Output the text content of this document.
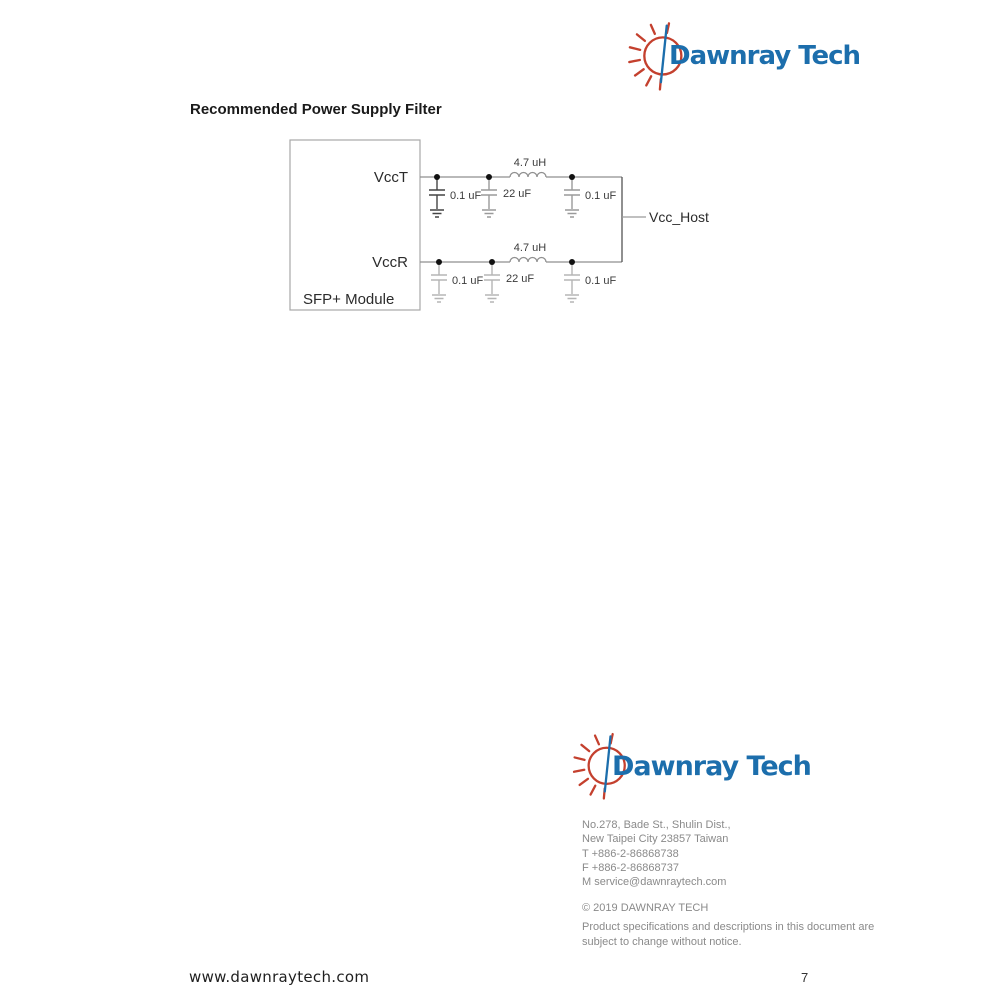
Dawnray Tech
Recommended Power Supply Filter
VccT
VccR
SFP+ Module
4.7 uH
0.1 uF 22 uF	0.1 uF
4.7 uH
0.1 uF 22 uF	0.1 uF
Vcc_Host
Dawnray Tech
No.278, Bade St., Shulin Dist.,
New Taipei City 23857 Taiwan
T +886-2-86868738
F +886-2-86868737
M service@dawnraytech.com
© 2019 DAWNRAY TECH
Product specifications and descriptions in this document are
subject to change without notice.
www.dawnraytech.com	7
